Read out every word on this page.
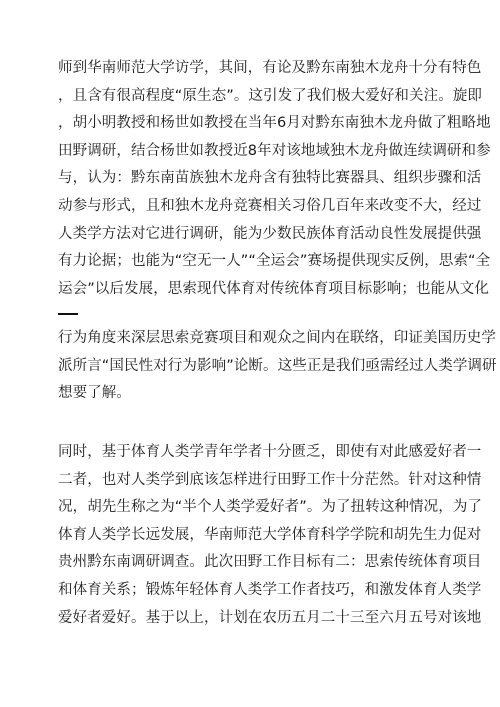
师到华南师范大学访学，其间，有论及黔东南独木龙舟十分有特色
，且含有很高程度“原生态”。这引发了我们极大爱好和关注。旋即
，胡小明教授和杨世如教授在当年6月对黔东南独木龙舟做了粗略地
田野调研，结合杨世如教授近8年对该地域独木龙舟做连续调研和参
与，认为：黔东南苗族独木龙舟含有独特比赛器具、组织步骤和活
动参与形式，且和独木龙舟竞赛相关习俗几百年来改变不大，经过
人类学方法对它进行调研，能为少数民族体育活动良性发展提供强
有力论据；也能为“空无一人”“全运会”赛场提供现实反例，思索“全
运会”以后发展，思索现代体育对传统体育项目标影响；也能从文化
行为角度来深层思索竞赛项目和观众之间内在联络，印证美国历史学
派所言“国民性对行为影响”论断。这些正是我们亟需经过人类学调研
想要了解。
同时，基于体育人类学青年学者十分匮乏，即使有对此感爱好者一
二者，也对人类学到底该怎样进行田野工作十分茫然。针对这种情
况，胡先生称之为“半个人类学爱好者”。为了扭转这种情况，为了
体育人类学长远发展，华南师范大学体育科学学院和胡先生力促对
贵州黔东南调研调查。此次田野工作目标有二：思索传统体育项目
和体育关系；锻炼年轻体育人类学工作者技巧，和激发体育人类学
爱好者爱好。基于以上，计划在农历五月二十三至六月五号对该地
